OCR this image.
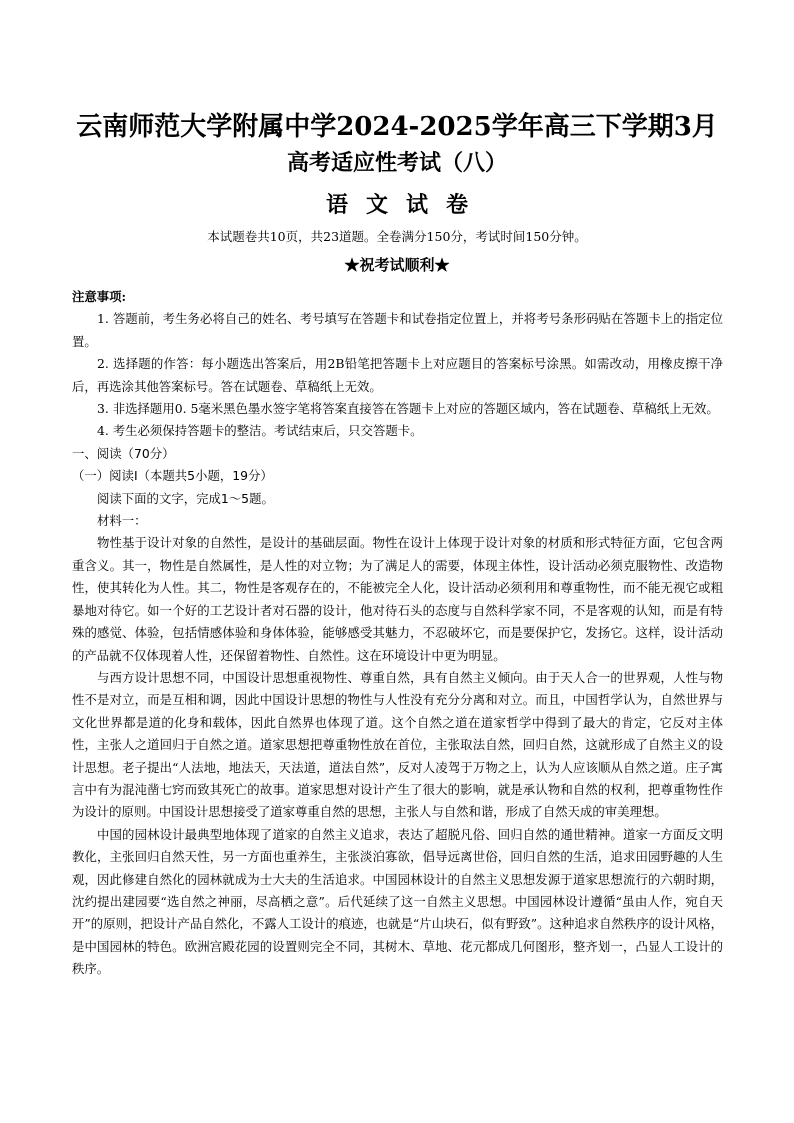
云南师范大学附属中学2024-2025学年高三下学期3月
高考适应性考试（八）
语文试卷
本试题卷共10页，共23道题。全卷满分150分，考试时间150分钟。
★祝考试顺利★

注意事项:

1. 答题前，考生务必将自己的姓名、考号填写在答题卡和试卷指定位置上，并将考号条形码贴在答题卡上的指定位置。

2. 选择题的作答：每小题选出答案后，用2B铅笔把答题卡上对应题目的答案标号涂黑。如需改动，用橡皮擦干净后，再选涂其他答案标号。答在试题卷、草稿纸上无效。

3. 非选择题用0. 5毫米黑色墨水签字笔将答案直接答在答题卡上对应的答题区域内，答在试题卷、草稿纸上无效。

4. 考生必须保持答题卡的整洁。考试结束后，只交答题卡。

一、阅读（70分）

（一）阅读Ⅰ（本题共5小题，19分）

阅读下面的文字，完成1～5题。

材料一：

物性基于设计对象的自然性，是设计的基础层面。物性在设计上体现于设计对象的材质和形式特征方面，它包含两重含义。其一，物性是自然属性，是人性的对立物；为了满足人的需要，体现主体性，设计活动必须克服物性、改造物性，使其转化为人性。其二，物性是客观存在的，不能被完全人化，设计活动必须利用和尊重物性，而不能无视它或粗暴地对待它。如一个好的工艺设计者对石器的设计，他对待石头的态度与自然科学家不同，不是客观的认知，而是有特殊的感觉、体验，包括情感体验和身体体验，能够感受其魅力，不忍破坏它，而是要保护它，发扬它。这样，设计活动的产品就不仅体现着人性，还保留着物性、自然性。这在环境设计中更为明显。

与西方设计思想不同，中国设计思想重视物性、尊重自然，具有自然主义倾向。由于天人合一的世界观，人性与物性不是对立，而是互相和调，因此中国设计思想的物性与人性没有充分分离和对立。而且，中国哲学认为，自然世界与文化世界都是道的化身和载体，因此自然界也体现了道。这个自然之道在道家哲学中得到了最大的肯定，它反对主体性，主张人之道回归于自然之道。道家思想把尊重物性放在首位，主张取法自然，回归自然，这就形成了自然主义的设计思想。老子提出“人法地，地法天，天法道，道法自然”，反对人凌驾于万物之上，认为人应该顺从自然之道。庄子寓言中有为混沌凿七窍而致其死亡的故事。道家思想对设计产生了很大的影响，就是承认物和自然的权利，把尊重物性作为设计的原则。中国设计思想接受了道家尊重自然的思想，主张人与自然和谐，形成了自然天成的审美理想。

中国的园林设计最典型地体现了道家的自然主义追求，表达了超脱凡俗、回归自然的通世精神。道家一方面反文明教化，主张回归自然天性，另一方面也重养生，主张淡泊寡欲，倡导远离世俗，回归自然的生活，追求田园野趣的人生观，因此修建自然化的园林就成为士大夫的生活追求。中国园林设计的自然主义思想发源于道家思想流行的六朝时期，沈约提出建园要“选自然之神丽，尽高栖之意”。后代延续了这一自然主义思想。中国园林设计遵循“虽由人作，宛自天开”的原则，把设计产品自然化，不露人工设计的痕迹，也就是“片山块石，似有野致”。这种追求自然秩序的设计风格，是中国园林的特色。欧洲宫殿花园的设置则完全不同，其树木、草地、花元都成几何图形，整齐划一，凸显人工设计的秩序。
